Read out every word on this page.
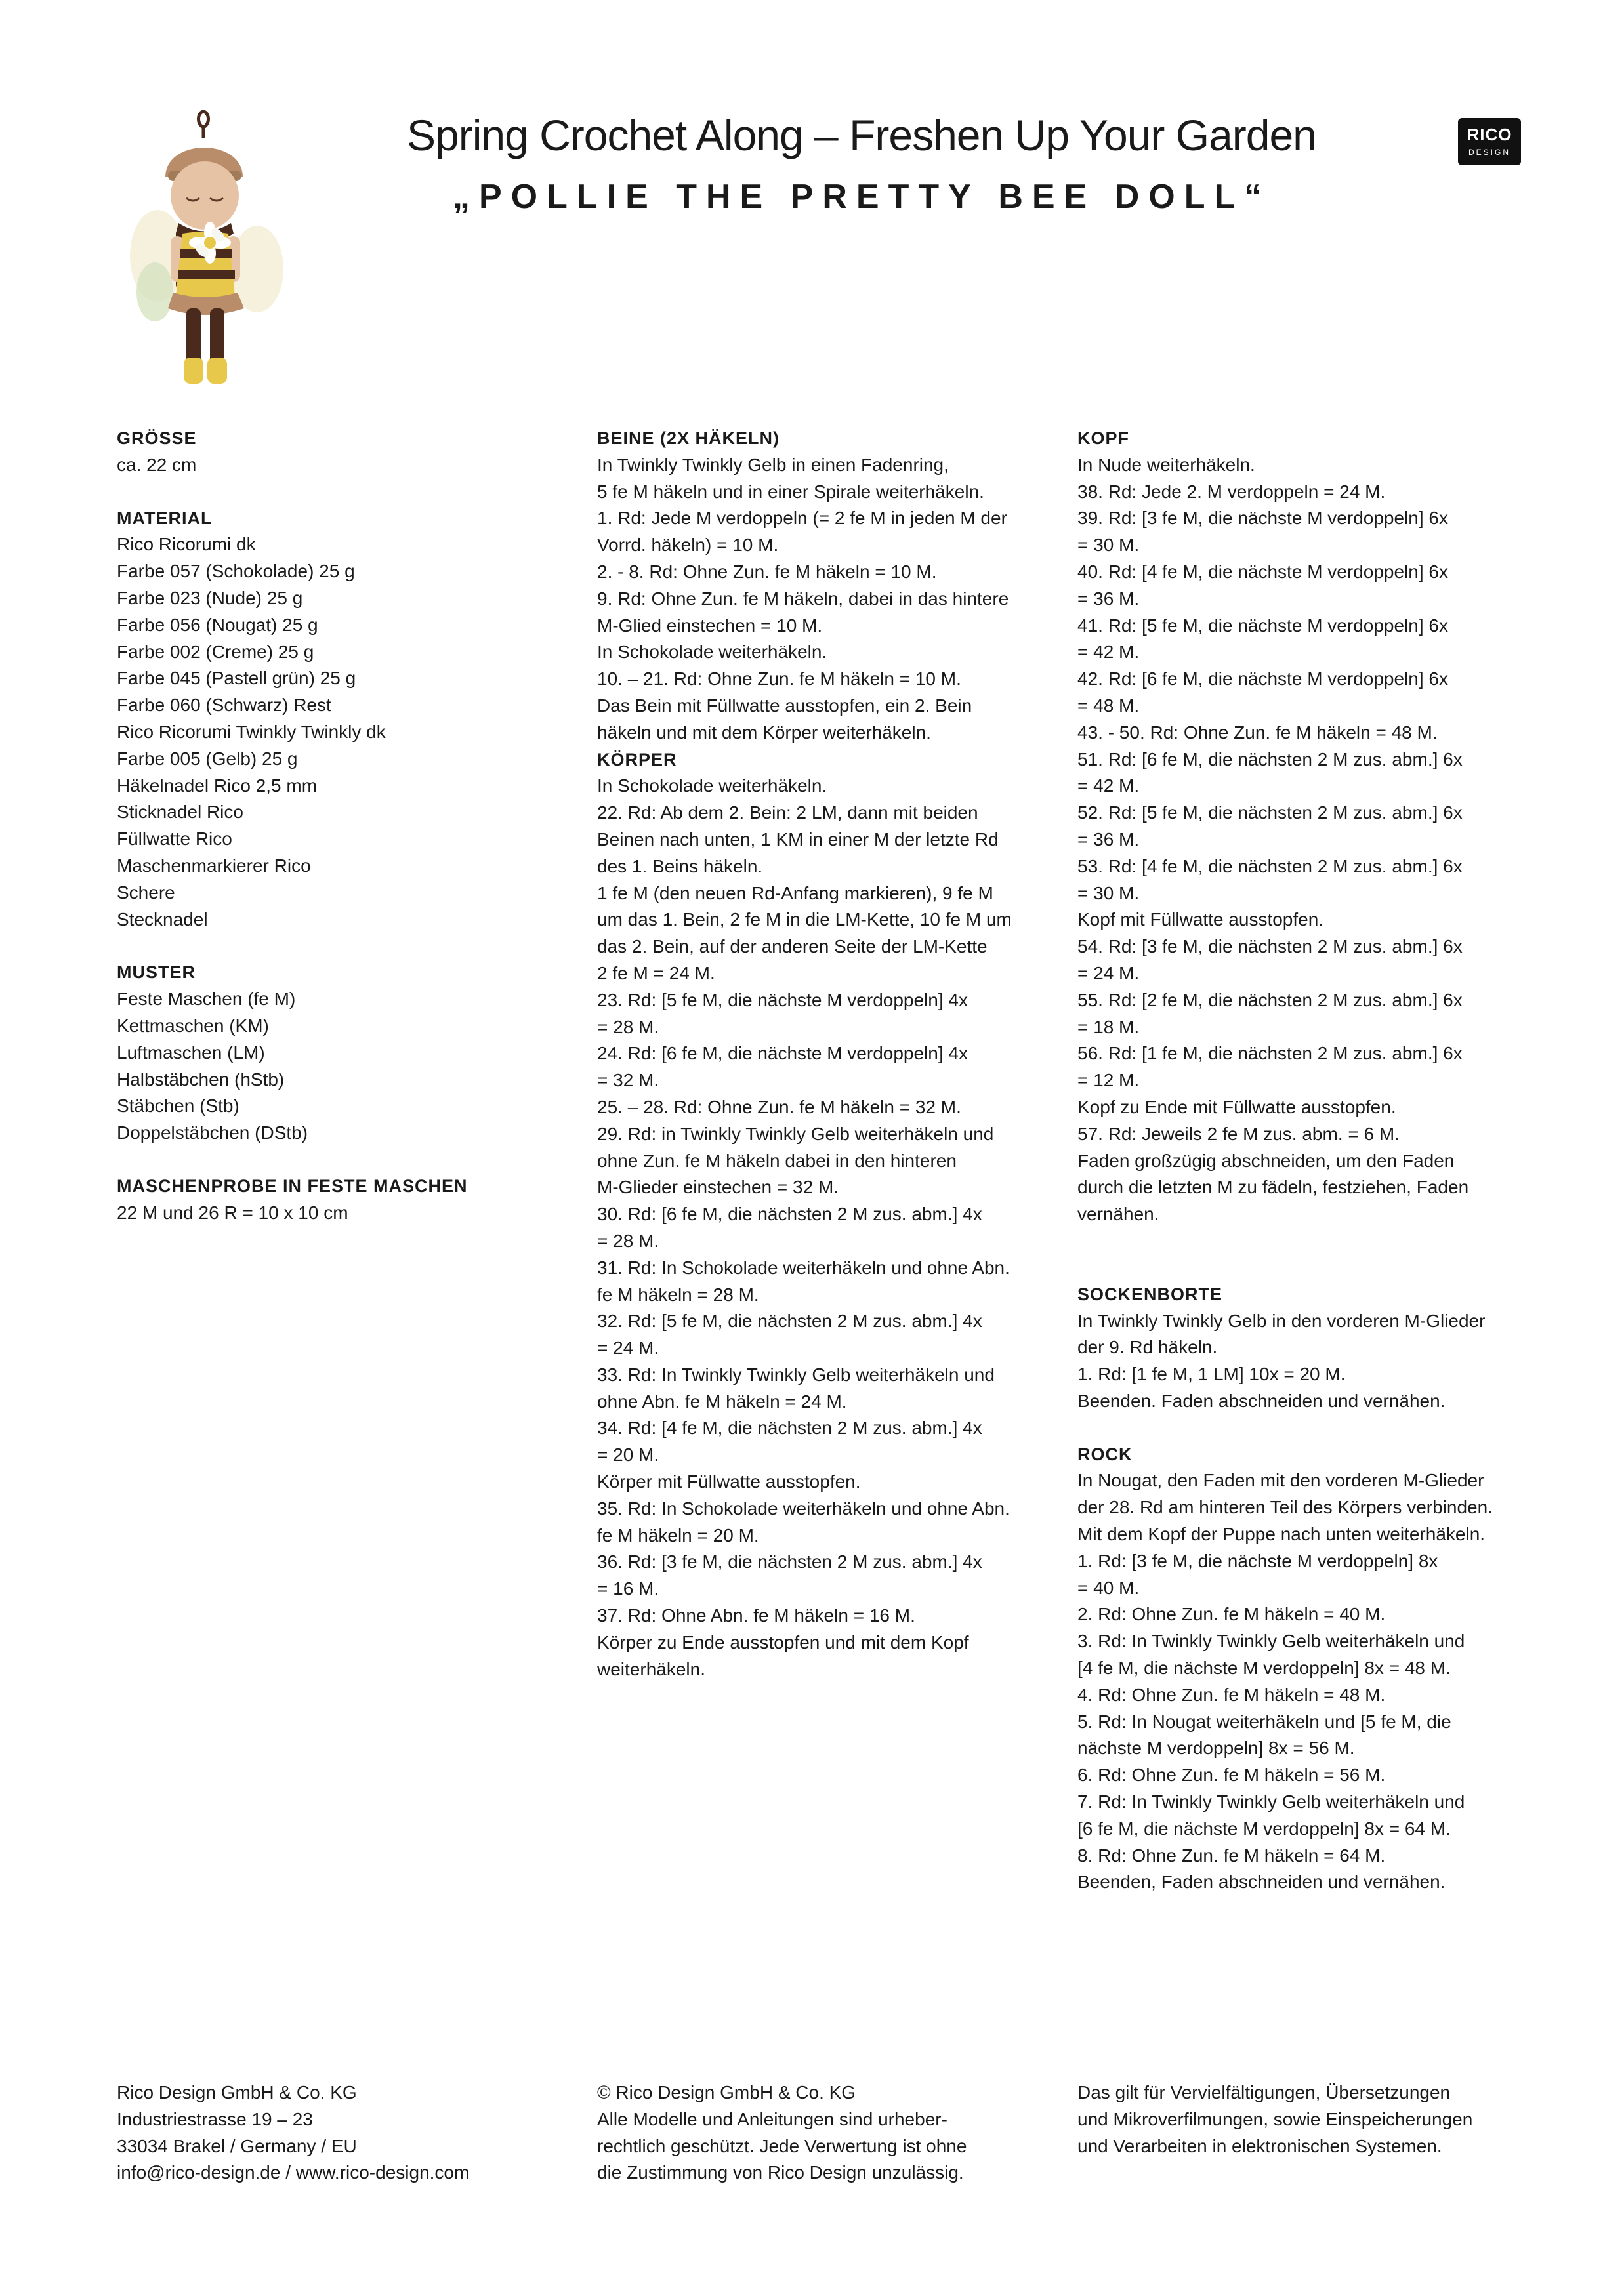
Spring Crochet Along – Freshen Up Your Garden
„POLLIE THE PRETTY BEE DOLL“
RICO
DESIGN
GRÖSSE
ca. 22 cm
MATERIAL
Rico Ricorumi dk
Farbe 057 (Schokolade) 25 g
Farbe 023 (Nude) 25 g
Farbe 056 (Nougat) 25 g
Farbe 002 (Creme) 25 g
Farbe 045 (Pastell grün) 25 g
Farbe 060 (Schwarz) Rest
Rico Ricorumi Twinkly Twinkly dk
Farbe 005 (Gelb) 25 g
Häkelnadel Rico 2,5 mm
Sticknadel Rico
Füllwatte Rico
Maschenmarkierer Rico
Schere
Stecknadel
MUSTER
Feste Maschen (fe M)
Kettmaschen (KM)
Luftmaschen (LM)
Halbstäbchen (hStb)
Stäbchen (Stb)
Doppelstäbchen (DStb)
MASCHENPROBE IN FESTE MASCHEN
22 M und 26 R = 10 x 10 cm
BEINE (2X HÄKELN)
In Twinkly Twinkly Gelb in einen Fadenring,
5 fe M häkeln und in einer Spirale weiterhäkeln.
1. Rd: Jede M verdoppeln (= 2 fe M in jeden M der
Vorrd. häkeln) = 10 M.
2. - 8. Rd: Ohne Zun. fe M häkeln = 10 M.
9. Rd: Ohne Zun. fe M häkeln, dabei in das hintere
M-Glied einstechen = 10 M.
In Schokolade weiterhäkeln.
10. – 21. Rd: Ohne Zun. fe M häkeln = 10 M.
Das Bein mit Füllwatte ausstopfen, ein 2. Bein
häkeln und mit dem Körper weiterhäkeln.
KÖRPER
In Schokolade weiterhäkeln.
22. Rd: Ab dem 2. Bein: 2 LM, dann mit beiden
Beinen nach unten, 1 KM in einer M der letzte Rd
des 1. Beins häkeln.
1 fe M (den neuen Rd-Anfang markieren), 9 fe M
um das 1. Bein, 2 fe M in die LM-Kette, 10 fe M um
das 2. Bein, auf der anderen Seite der LM-Kette
2 fe M = 24 M.
23. Rd: [5 fe M, die nächste M verdoppeln] 4x
= 28 M.
24. Rd: [6 fe M, die nächste M verdoppeln] 4x
= 32 M.
25. – 28. Rd: Ohne Zun. fe M häkeln = 32 M.
29. Rd: in Twinkly Twinkly Gelb weiterhäkeln und
ohne Zun. fe M häkeln dabei in den hinteren
M-Glieder einstechen = 32 M.
30. Rd: [6 fe M, die nächsten 2 M zus. abm.] 4x
= 28 M.
31. Rd: In Schokolade weiterhäkeln und ohne Abn.
fe M häkeln = 28 M.
32. Rd: [5 fe M, die nächsten 2 M zus. abm.] 4x
= 24 M.
33. Rd: In Twinkly Twinkly Gelb weiterhäkeln und
ohne Abn. fe M häkeln = 24 M.
34. Rd: [4 fe M, die nächsten 2 M zus. abm.] 4x
= 20 M.
Körper mit Füllwatte ausstopfen.
35. Rd: In Schokolade weiterhäkeln und ohne Abn.
fe M häkeln = 20 M.
36. Rd: [3 fe M, die nächsten 2 M zus. abm.] 4x
= 16 M.
37. Rd: Ohne Abn. fe M häkeln = 16 M.
Körper zu Ende ausstopfen und mit dem Kopf
weiterhäkeln.
KOPF
In Nude weiterhäkeln.
38. Rd: Jede 2. M verdoppeln = 24 M.
39. Rd: [3 fe M, die nächste M verdoppeln] 6x
= 30 M.
40. Rd: [4 fe M, die nächste M verdoppeln] 6x
= 36 M.
41. Rd: [5 fe M, die nächste M verdoppeln] 6x
= 42 M.
42. Rd: [6 fe M, die nächste M verdoppeln] 6x
= 48 M.
43. - 50. Rd: Ohne Zun. fe M häkeln = 48 M.
51. Rd: [6 fe M, die nächsten 2 M zus. abm.] 6x
= 42 M.
52. Rd: [5 fe M, die nächsten 2 M zus. abm.] 6x
= 36 M.
53. Rd: [4 fe M, die nächsten 2 M zus. abm.] 6x
= 30 M.
Kopf mit Füllwatte ausstopfen.
54. Rd: [3 fe M, die nächsten 2 M zus. abm.] 6x
= 24 M.
55. Rd: [2 fe M, die nächsten 2 M zus. abm.] 6x
= 18 M.
56. Rd: [1 fe M, die nächsten 2 M zus. abm.] 6x
= 12 M.
Kopf zu Ende mit Füllwatte ausstopfen.
57. Rd: Jeweils 2 fe M zus. abm. = 6 M.
Faden großzügig abschneiden, um den Faden
durch die letzten M zu fädeln, festziehen, Faden
vernähen.

SOCKENBORTE
In Twinkly Twinkly Gelb in den vorderen M-Glieder
der 9. Rd häkeln.
1. Rd: [1 fe M, 1 LM] 10x = 20 M.
Beenden. Faden abschneiden und vernähen.
ROCK
In Nougat, den Faden mit den vorderen M-Glieder
der 28. Rd am hinteren Teil des Körpers verbinden.
Mit dem Kopf der Puppe nach unten weiterhäkeln.
1. Rd: [3 fe M, die nächste M verdoppeln] 8x
= 40 M.
2. Rd: Ohne Zun. fe M häkeln = 40 M.
3. Rd: In Twinkly Twinkly Gelb weiterhäkeln und
[4 fe M, die nächste M verdoppeln] 8x = 48 M.
4. Rd: Ohne Zun. fe M häkeln = 48 M.
5. Rd: In Nougat weiterhäkeln und [5 fe M, die
nächste M verdoppeln] 8x = 56 M.
6. Rd: Ohne Zun. fe M häkeln = 56 M.
7. Rd: In Twinkly Twinkly Gelb weiterhäkeln und
[6 fe M, die nächste M verdoppeln] 8x = 64 M.
8. Rd: Ohne Zun. fe M häkeln = 64 M.
Beenden, Faden abschneiden und vernähen.
Rico Design GmbH & Co. KG
Industriestrasse 19 – 23
33034 Brakel / Germany / EU
info@rico-design.de / www.rico-design.com
© Rico Design GmbH & Co. KG
Alle Modelle und Anleitungen sind urheber-
rechtlich geschützt. Jede Verwertung ist ohne
die Zustimmung von Rico Design unzulässig.
Das gilt für Vervielfältigungen, Übersetzungen
und Mikroverfilmungen, sowie Einspeicherungen
und Verarbeiten in elektronischen Systemen.
